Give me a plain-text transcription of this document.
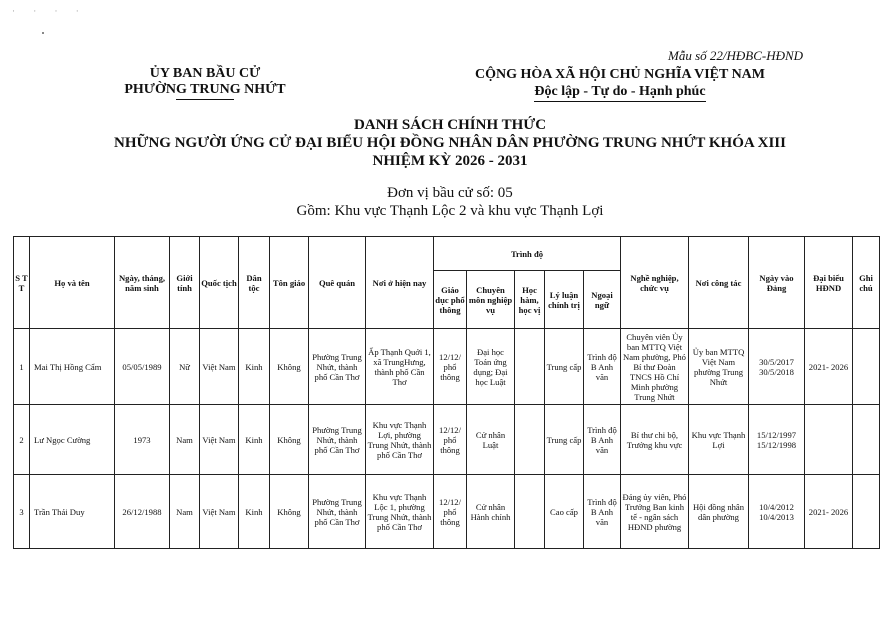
· · · ·
Mẫu số 22/HĐBC-HĐND
ỦY BAN BẦU CỬ
PHƯỜNG TRUNG NHỨT
CỘNG HÒA XÃ HỘI CHỦ NGHĨA VIỆT NAM
Độc lập - Tự do - Hạnh phúc
DANH SÁCH CHÍNH THỨC
NHỮNG NGƯỜI ỨNG CỬ ĐẠI BIỂU HỘI ĐỒNG NHÂN DÂN PHƯỜNG TRUNG NHỨT KHÓA XIII
NHIỆM KỲ 2026 - 2031
Đơn vị bầu cử số: 05
Gồm: Khu vực Thạnh Lộc 2 và khu vực Thạnh Lợi
S T T	Họ và tên	Ngày, tháng, năm sinh	Giới tính	Quốc tịch	Dân tộc	Tôn giáo	Quê quán	Nơi ở hiện nay	Trình độ					Nghề nghiệp, chức vụ	Nơi công tác	Ngày vào Đảng	Đại biểu HĐND	Ghi chú
									Giáo dục phổ thông	Chuyên môn nghiệp vụ	Học hàm, học vị	Lý luận chính trị	Ngoại ngữ					
1	Mai Thị Hồng Cẩm	05/05/1989	Nữ	Việt Nam	Kinh	Không	Phường Trung Nhứt, thành phố Cần Thơ	Ấp Thạnh Quới 1, xã TrungHưng, thành phố Cần Thơ	12/12/ phổ thông	Đại học Toán ứng dụng; Đại học Luật		Trung cấp	Trình độ B Anh văn	Chuyên viên Ủy ban MTTQ Việt Nam phường, Phó Bí thư Đoàn TNCS Hồ Chí Minh phường Trung Nhứt	Ủy ban MTTQ Việt Nam phường Trung Nhứt	30/5/2017 30/5/2018	2021- 2026	
2	Lư Ngọc Cường	1973	Nam	Việt Nam	Kinh	Không	Phường Trung Nhứt, thành phố Cần Thơ	Khu vực Thạnh Lợi, phường Trung Nhứt, thành phố Cần Thơ	12/12/ phổ thông	Cử nhân Luật		Trung cấp	Trình độ B Anh văn	Bí thư chi bộ, Trưởng khu vực	Khu vực Thạnh Lợi	15/12/1997 15/12/1998		
3	Trần Thái Duy	26/12/1988	Nam	Việt Nam	Kinh	Không	Phường Trung Nhứt, thành phố Cần Thơ	Khu vực Thạnh Lộc 1, phường Trung Nhứt, thành phố Cần Thơ	12/12/ phổ thông	Cử nhân Hành chính		Cao cấp	Trình độ B Anh văn	Đảng ủy viên, Phó Trưởng Ban kinh tế - ngân sách HĐND phường	Hội đồng nhân dân phường	10/4/2012 10/4/2013	2021- 2026	
